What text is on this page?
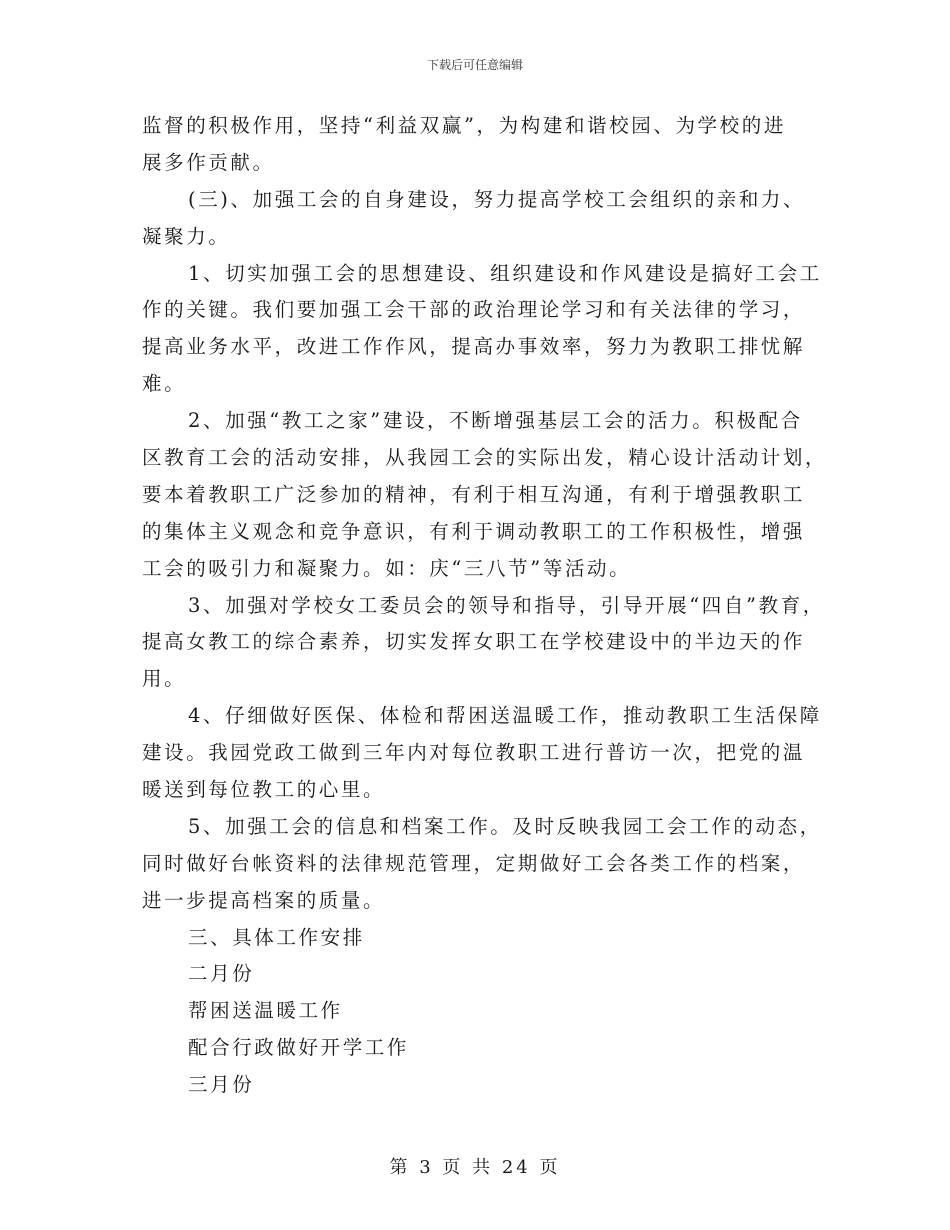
下载后可任意编辑
监督的积极作用，坚持“利益双赢”，为构建和谐校园、为学校的进
展多作贡献。
(三)、加强工会的自身建设，努力提高学校工会组织的亲和力、
凝聚力。
1、切实加强工会的思想建设、组织建设和作风建设是搞好工会工
作的关键。我们要加强工会干部的政治理论学习和有关法律的学习，
提高业务水平，改进工作作风，提高办事效率，努力为教职工排忧解
难。
2、加强“教工之家”建设，不断增强基层工会的活力。积极配合
区教育工会的活动安排，从我园工会的实际出发，精心设计活动计划，
要本着教职工广泛参加的精神，有利于相互沟通，有利于增强教职工
的集体主义观念和竞争意识，有利于调动教职工的工作积极性，增强
工会的吸引力和凝聚力。如：庆“三八节”等活动。
3、加强对学校女工委员会的领导和指导，引导开展“四自”教育，
提高女教工的综合素养，切实发挥女职工在学校建设中的半边天的作
用。
4、仔细做好医保、体检和帮困送温暖工作，推动教职工生活保障
建设。我园党政工做到三年内对每位教职工进行普访一次，把党的温
暖送到每位教工的心里。
5、加强工会的信息和档案工作。及时反映我园工会工作的动态，
同时做好台帐资料的法律规范管理，定期做好工会各类工作的档案，
进一步提高档案的质量。
三、具体工作安排
二月份
帮困送温暖工作
配合行政做好开学工作
三月份
第 3 页 共 24 页
